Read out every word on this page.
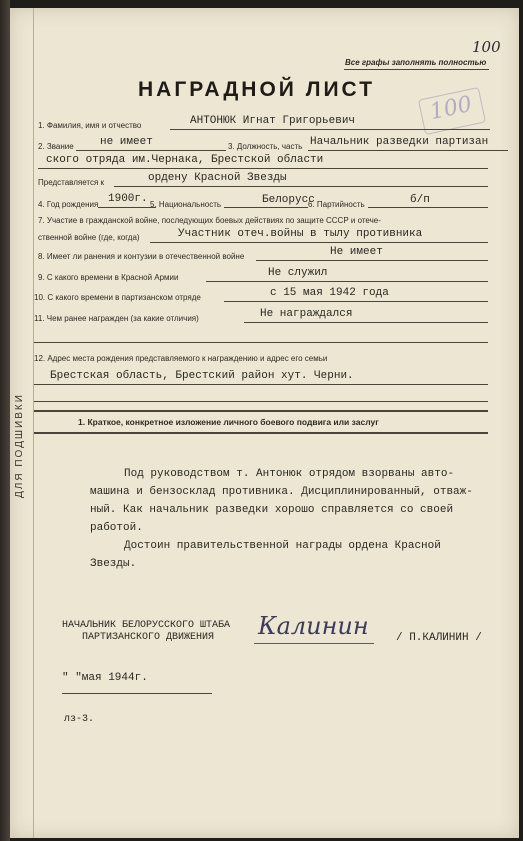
ДЛЯ ПОДШИВКИ
Все графы заполнять полностью
100
НАГРАДНОЙ ЛИСТ
100
1. Фамилия, имя и отчество	АНТОНЮК Игнат Григорьевич
2. Звание не имеет	3. Должность, часть Начальник разведки партизан
ского отряда им.Чернака, Брестской области
Представляется к	ордену Красной Звезды
4. Год рождения 1900г. 5. Национальность	Белорусс
6. Партийность	б/п
7. Участие в гражданской войне, последующих боевых действиях по защите СССР и отече-
ственной войне (где, когда)	Участник отеч.войны в тылу противника
8. Имеет ли ранения и контузии в отечественной войне	Не имеет
9. С какого времени в Красной Армии	Не служил
10. С какого времени в партизанском отряде	с 15 мая 1942 года
11. Чем ранее награжден (за какие отличия)	Не награждался
12. Адрес места рождения представляемого к награждению и адрес его семьи
Брестская область, Брестский район хут. Черни.
1. Краткое, конкретное изложение личного боевого подвига или заслуг
Под руководством т. Антонюк отрядом взорваны авто-
машина и бензосклад противника. Дисциплинированный, отваж-
ный. Как начальник разведки хорошо справляется со своей
работой.
Достоин правительственной награды ордена Красной
Звезды.
НАЧАЛЬНИК БЕЛОРУССКОГО ШТАБА
ПАРТИЗАНСКОГО ДВИЖЕНИЯ Калинин / П.КАЛИНИН /
" "мая 1944г.
лз-3.
